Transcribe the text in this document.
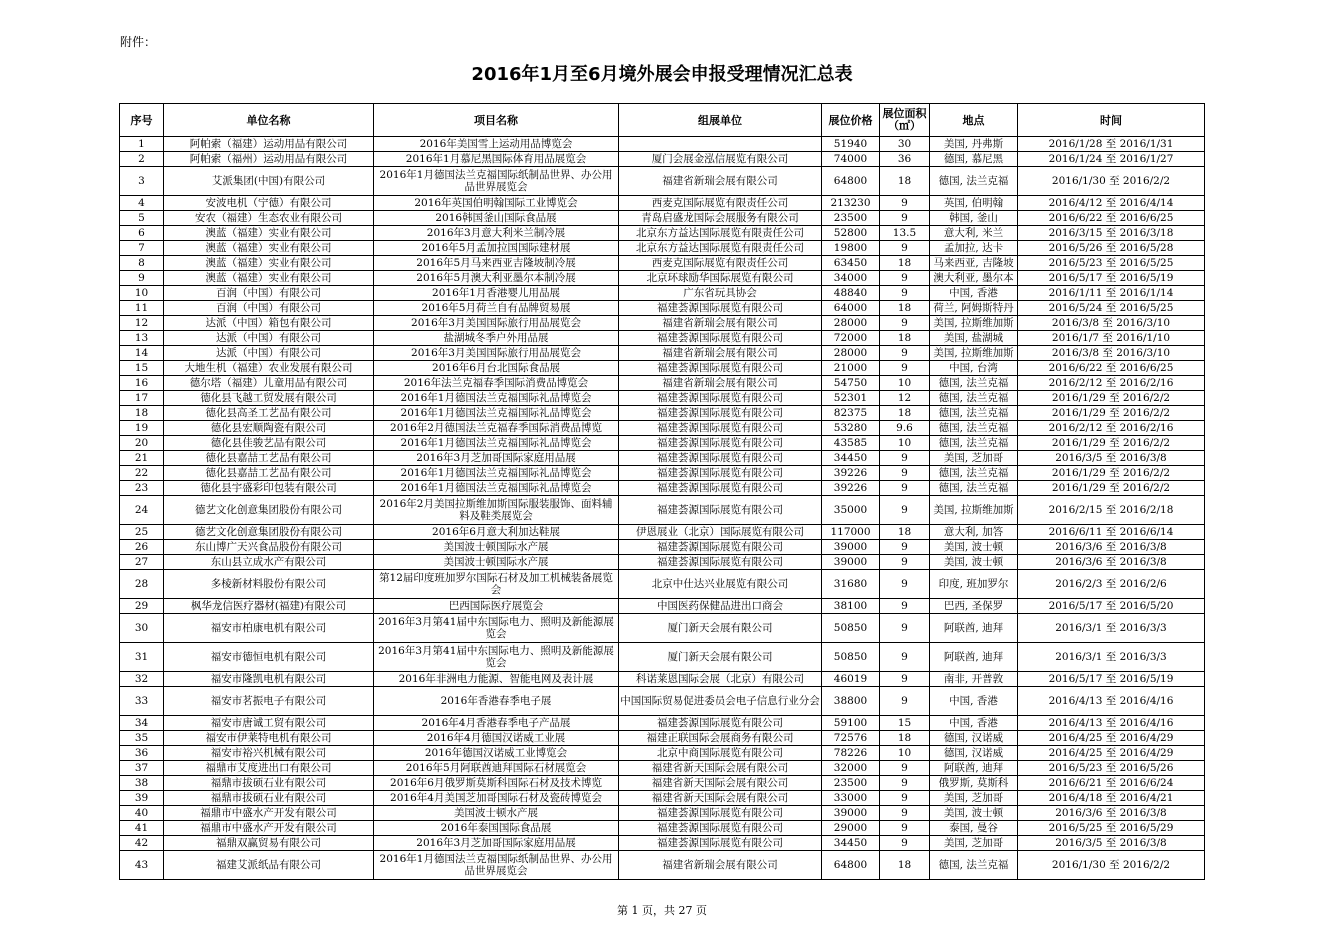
附件：
2016年1月至6月境外展会申报受理情况汇总表
序号	单位名称	项目名称	组展单位	展位价格	展位面积（㎡）	地点	时间
1	阿帕索（福建）运动用品有限公司	2016年美国雪上运动用品博览会		51940	30	美国, 丹弗斯	2016/1/28 至 2016/1/31
2	阿帕索（福州）运动用品有限公司	2016年1月慕尼黑国际体育用品展览会	厦门会展金泓信展览有限公司	74000	36	德国, 慕尼黑	2016/1/24 至 2016/1/27
3	艾派集团(中国)有限公司	2016年1月德国法兰克福国际纸制品世界、办公用品世界展览会	福建省新瑞会展有限公司	64800	18	德国, 法兰克福	2016/1/30 至 2016/2/2
4	安波电机（宁德）有限公司	2016年英国伯明翰国际工业博览会	西麦克国际展览有限责任公司	213230	9	英国, 伯明翰	2016/4/12 至 2016/4/14
5	安农（福建）生态农业有限公司	2016韩国釜山国际食品展	青岛启盛龙国际会展服务有限公司	23500	9	韩国, 釜山	2016/6/22 至 2016/6/25
6	澳蓝（福建）实业有限公司	2016年3月意大利米兰制冷展	北京东方益达国际展览有限责任公司	52800	13.5	意大利, 米兰	2016/3/15 至 2016/3/18
7	澳蓝（福建）实业有限公司	2016年5月孟加拉国国际建材展	北京东方益达国际展览有限责任公司	19800	9	孟加拉, 达卡	2016/5/26 至 2016/5/28
8	澳蓝（福建）实业有限公司	2016年5月马来西亚吉隆坡制冷展	西麦克国际展览有限责任公司	63450	18	马来西亚, 吉隆坡	2016/5/23 至 2016/5/25
9	澳蓝（福建）实业有限公司	2016年5月澳大利亚墨尔本制冷展	北京环球励华国际展览有限公司	34000	9	澳大利亚, 墨尔本	2016/5/17 至 2016/5/19
10	百润（中国）有限公司	2016年1月香港婴儿用品展	广东省玩具协会	48840	9	中国, 香港	2016/1/11 至 2016/1/14
11	百润（中国）有限公司	2016年5月荷兰自有品牌贸易展	福建荟源国际展览有限公司	64000	18	荷兰, 阿姆斯特丹	2016/5/24 至 2016/5/25
12	达派（中国）箱包有限公司	2016年3月美国国际旅行用品展览会	福建省新瑞会展有限公司	28000	9	美国, 拉斯维加斯	2016/3/8 至 2016/3/10
13	达派（中国）有限公司	盐湖城冬季户外用品展	福建荟源国际展览有限公司	72000	18	美国, 盐湖城	2016/1/7 至 2016/1/10
14	达派（中国）有限公司	2016年3月美国国际旅行用品展览会	福建省新瑞会展有限公司	28000	9	美国, 拉斯维加斯	2016/3/8 至 2016/3/10
15	大地生机（福建）农业发展有限公司	2016年6月台北国际食品展	福建荟源国际展览有限公司	21000	9	中国, 台湾	2016/6/22 至 2016/6/25
16	德尔塔（福建）儿童用品有限公司	2016年法兰克福春季国际消费品博览会	福建省新瑞会展有限公司	54750	10	德国, 法兰克福	2016/2/12 至 2016/2/16
17	德化县飞越工贸发展有限公司	2016年1月德国法兰克福国际礼品博览会	福建荟源国际展览有限公司	52301	12	德国, 法兰克福	2016/1/29 至 2016/2/2
18	德化县高圣工艺品有限公司	2016年1月德国法兰克福国际礼品博览会	福建荟源国际展览有限公司	82375	18	德国, 法兰克福	2016/1/29 至 2016/2/2
19	德化县宏顺陶瓷有限公司	2016年2月德国法兰克福春季国际消费品博览	福建荟源国际展览有限公司	53280	9.6	德国, 法兰克福	2016/2/12 至 2016/2/16
20	德化县佳骏艺品有限公司	2016年1月德国法兰克福国际礼品博览会	福建荟源国际展览有限公司	43585	10	德国, 法兰克福	2016/1/29 至 2016/2/2
21	德化县嘉喆工艺品有限公司	2016年3月芝加哥国际家庭用品展	福建荟源国际展览有限公司	34450	9	美国, 芝加哥	2016/3/5 至 2016/3/8
22	德化县嘉喆工艺品有限公司	2016年1月德国法兰克福国际礼品博览会	福建荟源国际展览有限公司	39226	9	德国, 法兰克福	2016/1/29 至 2016/2/2
23	德化县宇盛彩印包装有限公司	2016年1月德国法兰克福国际礼品博览会	福建荟源国际展览有限公司	39226	9	德国, 法兰克福	2016/1/29 至 2016/2/2
24	德艺文化创意集团股份有限公司	2016年2月美国拉斯维加斯国际服装服饰、面料辅料及鞋类展览会	福建荟源国际展览有限公司	35000	9	美国, 拉斯维加斯	2016/2/15 至 2016/2/18
25	德艺文化创意集团股份有限公司	2016年6月意大利加达鞋展	伊恩展业（北京）国际展览有限公司	117000	18	意大利, 加答	2016/6/11 至 2016/6/14
26	东山博广天兴食品股份有限公司	美国波士顿国际水产展	福建荟源国际展览有限公司	39000	9	美国, 波士顿	2016/3/6 至 2016/3/8
27	东山县立成水产有限公司	美国波士顿国际水产展	福建荟源国际展览有限公司	39000	9	美国, 波士顿	2016/3/6 至 2016/3/8
28	多棱新材料股份有限公司	第12届印度班加罗尔国际石材及加工机械装备展览会	北京中仕达兴业展览有限公司	31680	9	印度, 班加罗尔	2016/2/3 至 2016/2/6
29	枫华龙信医疗器材(福建)有限公司	巴西国际医疗展览会	中国医药保健品进出口商会	38100	9	巴西, 圣保罗	2016/5/17 至 2016/5/20
30	福安市柏康电机有限公司	2016年3月第41届中东国际电力、照明及新能源展览会	厦门新天会展有限公司	50850	9	阿联酋, 迪拜	2016/3/1 至 2016/3/3
31	福安市德恒电机有限公司	2016年3月第41届中东国际电力、照明及新能源展览会	厦门新天会展有限公司	50850	9	阿联酋, 迪拜	2016/3/1 至 2016/3/3
32	福安市隆凯电机有限公司	2016年非洲电力能源、智能电网及表计展	科诺莱恩国际会展（北京）有限公司	46019	9	南非, 开普敦	2016/5/17 至 2016/5/19
33	福安市茗振电子有限公司	2016年香港春季电子展	中国国际贸易促进委员会电子信息行业分会	38800	9	中国, 香港	2016/4/13 至 2016/4/16
34	福安市唐诚工贸有限公司	2016年4月香港春季电子产品展	福建荟源国际展览有限公司	59100	15	中国, 香港	2016/4/13 至 2016/4/16
35	福安市伊莱特电机有限公司	2016年4月德国汉诺威工业展	福建正联国际会展商务有限公司	72576	18	德国, 汉诺威	2016/4/25 至 2016/4/29
36	福安市裕兴机械有限公司	2016年德国汉诺威工业博览会	北京中商国际展览有限公司	78226	10	德国, 汉诺威	2016/4/25 至 2016/4/29
37	福鼎市艾度进出口有限公司	2016年5月阿联酋迪拜国际石材展览会	福建省新天国际会展有限公司	32000	9	阿联酋, 迪拜	2016/5/23 至 2016/5/26
38	福鼎市拔硕石业有限公司	2016年6月俄罗斯莫斯科国际石材及技术博览	福建省新天国际会展有限公司	23500	9	俄罗斯, 莫斯科	2016/6/21 至 2016/6/24
39	福鼎市拔硕石业有限公司	2016年4月美国芝加哥国际石材及瓷砖博览会	福建省新天国际会展有限公司	33000	9	美国, 芝加哥	2016/4/18 至 2016/4/21
40	福鼎市中盛水产开发有限公司	美国波士顿水产展	福建荟源国际展览有限公司	39000	9	美国, 波士顿	2016/3/6 至 2016/3/8
41	福鼎市中盛水产开发有限公司	2016年泰国国际食品展	福建荟源国际展览有限公司	29000	9	泰国, 曼谷	2016/5/25 至 2016/5/29
42	福鼎双赢贸易有限公司	2016年3月芝加哥国际家庭用品展	福建荟源国际展览有限公司	34450	9	美国, 芝加哥	2016/3/5 至 2016/3/8
43	福建艾派纸品有限公司	2016年1月德国法兰克福国际纸制品世界、办公用品世界展览会	福建省新瑞会展有限公司	64800	18	德国, 法兰克福	2016/1/30 至 2016/2/2
第 1 页，共 27 页
